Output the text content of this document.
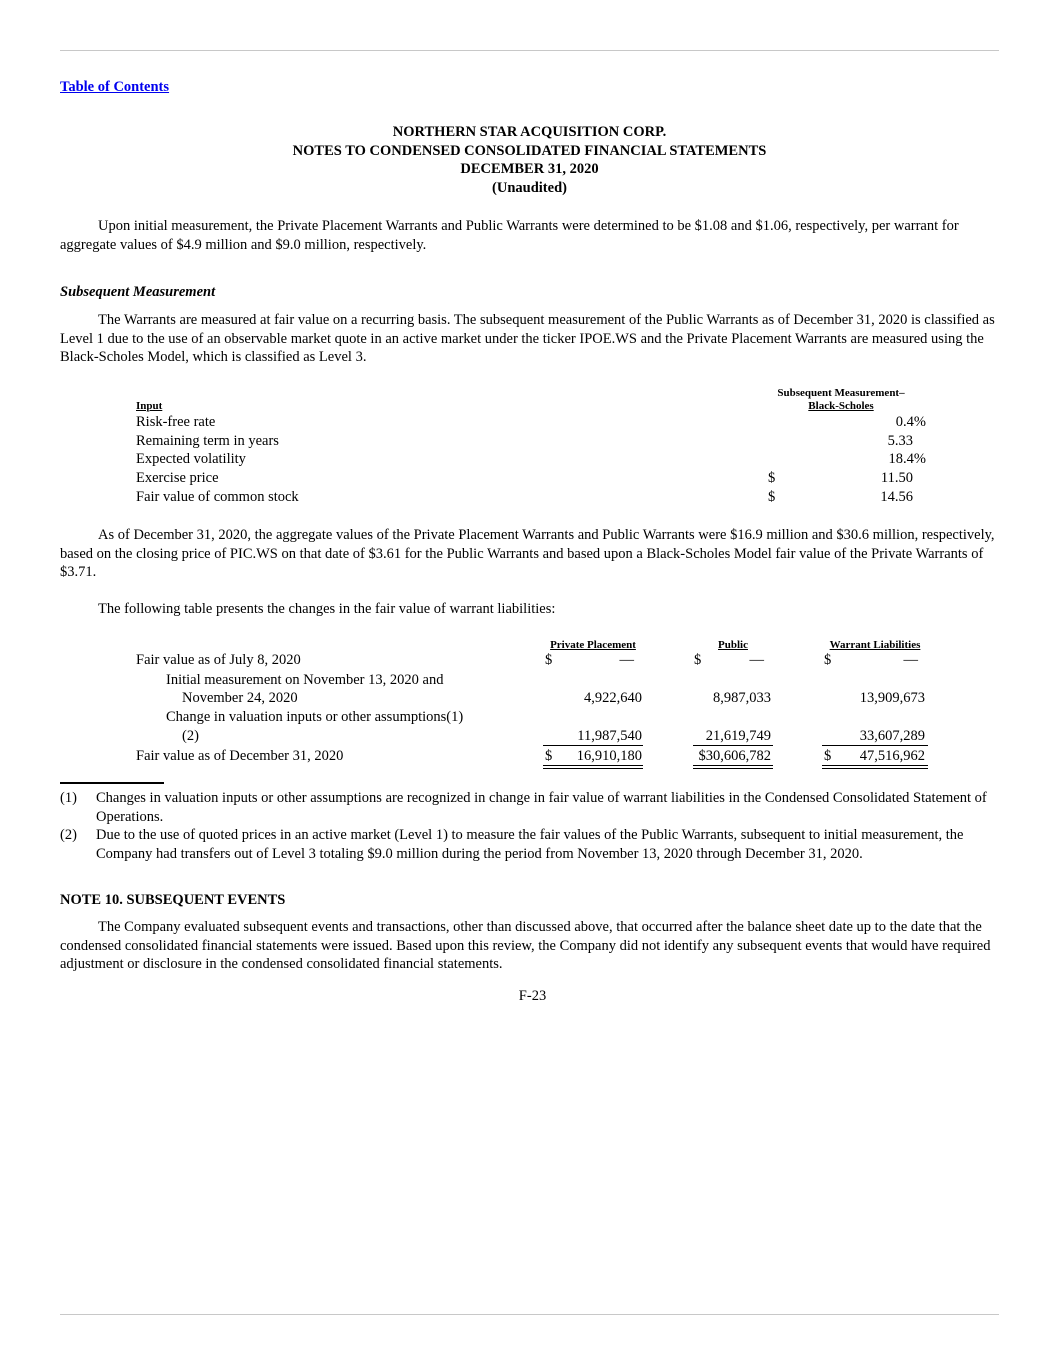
Table of Contents
NORTHERN STAR ACQUISITION CORP.
NOTES TO CONDENSED CONSOLIDATED FINANCIAL STATEMENTS
DECEMBER 31, 2020
(Unaudited)
Upon initial measurement, the Private Placement Warrants and Public Warrants were determined to be $1.08 and $1.06, respectively, per warrant for aggregate values of $4.9 million and $9.0 million, respectively.
Subsequent Measurement
The Warrants are measured at fair value on a recurring basis. The subsequent measurement of the Public Warrants as of December 31, 2020 is classified as Level 1 due to the use of an observable market quote in an active market under the ticker IPOE.WS and the Private Placement Warrants are measured using the Black-Scholes Model, which is classified as Level 3.
Subsequent Measurement–
Black-Scholes
Input
Risk-free rate	0.4%
Remaining term in years	5.33
Expected volatility	18.4%
Exercise price	$	11.50
Fair value of common stock	$	14.56
As of December 31, 2020, the aggregate values of the Private Placement Warrants and Public Warrants were $16.9 million and $30.6 million, respectively, based on the closing price of PIC.WS on that date of $3.61 for the Public Warrants and based upon a Black-Scholes Model fair value of the Private Warrants of $3.71.
The following table presents the changes in the fair value of warrant liabilities:
Private Placement	Public	Warrant Liabilities
Fair value as of July 8, 2020	$	—	$	—	$	—
Initial measurement on November 13, 2020 and
November 24, 2020	4,922,640	8,987,033	13,909,673
Change in valuation inputs or other assumptions(1)
(2)	11,987,540	21,619,749	33,607,289
Fair value as of December 31, 2020	$ 16,910,180	$30,606,782	$ 47,516,962
(1) Changes in valuation inputs or other assumptions are recognized in change in fair value of warrant liabilities in the Condensed Consolidated Statement of Operations.
(2) Due to the use of quoted prices in an active market (Level 1) to measure the fair values of the Public Warrants, subsequent to initial measurement, the Company had transfers out of Level 3 totaling $9.0 million during the period from November 13, 2020 through December 31, 2020.
NOTE 10. SUBSEQUENT EVENTS
The Company evaluated subsequent events and transactions, other than discussed above, that occurred after the balance sheet date up to the date that the condensed consolidated financial statements were issued. Based upon this review, the Company did not identify any subsequent events that would have required adjustment or disclosure in the condensed consolidated financial statements.
F-23
